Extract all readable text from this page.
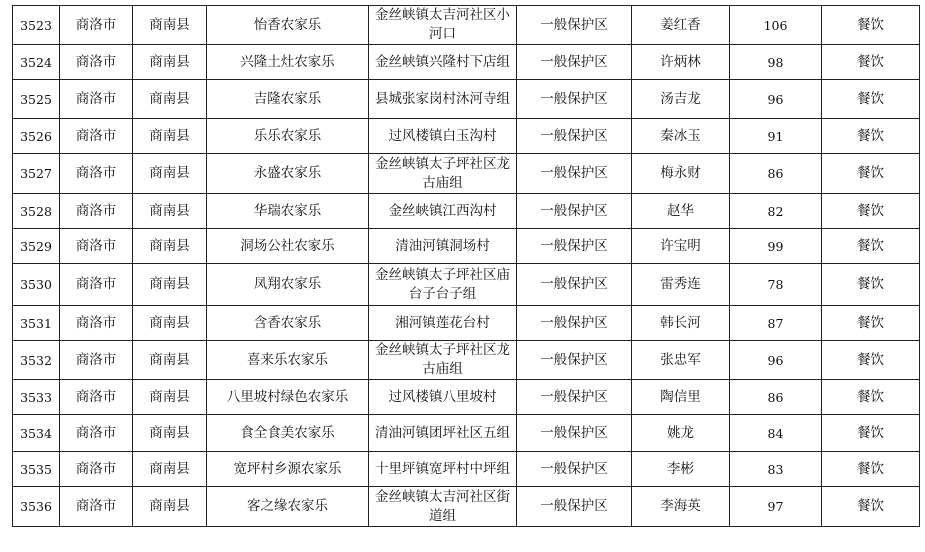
3523	商洛市	商南县	怡香农家乐	金丝峡镇太吉河社区小河口	一般保护区	姜红香	106	餐饮
3524	商洛市	商南县	兴隆土灶农家乐	金丝峡镇兴隆村下店组	一般保护区	许炳林	98	餐饮
3525	商洛市	商南县	吉隆农家乐	县城张家岗村沐河寺组	一般保护区	汤吉龙	96	餐饮
3526	商洛市	商南县	乐乐农家乐	过风楼镇白玉沟村	一般保护区	秦冰玉	91	餐饮
3527	商洛市	商南县	永盛农家乐	金丝峡镇太子坪社区龙古庙组	一般保护区	梅永财	86	餐饮
3528	商洛市	商南县	华瑞农家乐	金丝峡镇江西沟村	一般保护区	赵华	82	餐饮
3529	商洛市	商南县	洞场公社农家乐	清油河镇洞场村	一般保护区	许宝明	99	餐饮
3530	商洛市	商南县	凤翔农家乐	金丝峡镇太子坪社区庙台子台子组	一般保护区	雷秀连	78	餐饮
3531	商洛市	商南县	含香农家乐	湘河镇莲花台村	一般保护区	韩长河	87	餐饮
3532	商洛市	商南县	喜来乐农家乐	金丝峡镇太子坪社区龙古庙组	一般保护区	张忠军	96	餐饮
3533	商洛市	商南县	八里坡村绿色农家乐	过风楼镇八里坡村	一般保护区	陶信里	86	餐饮
3534	商洛市	商南县	食全食美农家乐	清油河镇团坪社区五组	一般保护区	姚龙	84	餐饮
3535	商洛市	商南县	宽坪村乡源农家乐	十里坪镇宽坪村中坪组	一般保护区	李彬	83	餐饮
3536	商洛市	商南县	客之缘农家乐	金丝峡镇太吉河社区街道组	一般保护区	李海英	97	餐饮
